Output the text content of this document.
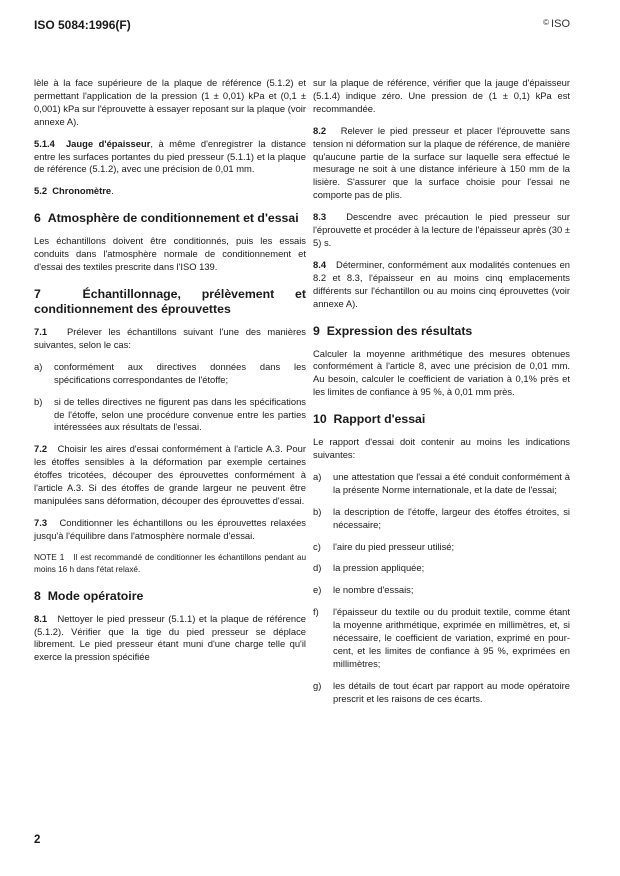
ISO 5084:1996(F)	© ISO

lèle à la face supérieure de la plaque de référence (5.1.2) et permettant l'application de la pression (1 ± 0,01) kPa et (0,1 ± 0,001) kPa sur l'éprouvette à essayer reposant sur la plaque (voir annexe A).

5.1.4 Jauge d'épaisseur, à même d'enregistrer la distance entre les surfaces portantes du pied presseur (5.1.1) et la plaque de référence (5.1.2), avec une précision de 0,01 mm.

5.2 Chronomètre.

6 Atmosphère de conditionnement et d'essai

Les échantillons doivent être conditionnés, puis les essais conduits dans l'atmosphère normale de conditionnement et d'essai des textiles prescrite dans l'ISO 139.

7	Échantillonnage, prélèvement et conditionnement des éprouvettes

7.1 Prélever les échantillons suivant l'une des manières suivantes, selon le cas:

a)	conformément aux directives données dans les spécifications correspondantes de l'étoffe;
b)	si de telles directives ne figurent pas dans les spécifications de l'étoffe, selon une procédure convenue entre les parties intéressées aux résultats de l'essai.

7.2 Choisir les aires d'essai conformément à l'article A.3. Pour les étoffes sensibles à la déformation par exemple certaines étoffes tricotées, découper des éprouvettes conformément à l'article A.3. Si des étoffes de grande largeur ne peuvent être manipulées sans déformation, découper des éprouvettes d'essai.

7.3 Conditionner les échantillons ou les éprouvettes relaxées jusqu'à l'équilibre dans l'atmosphère normale d'essai.

NOTE 1 Il est recommandé de conditionner les échantillons pendant au moins 16 h dans l'état relaxé.

8 Mode opératoire

8.1 Nettoyer le pied presseur (5.1.1) et la plaque de référence (5.1.2). Vérifier que la tige du pied presseur se déplace librement. Le pied presseur étant muni d'une charge telle qu'il exerce la pression spécifiée

sur la plaque de référence, vérifier que la jauge d'épaisseur (5.1.4) indique zéro. Une pression de (1 ± 0,1) kPa est recommandée.

8.2 Relever le pied presseur et placer l'éprouvette sans tension ni déformation sur la plaque de référence, de manière qu'aucune partie de la surface sur laquelle sera effectué le mesurage ne soit à une distance inférieure à 150 mm de la lisière. S'assurer que la surface choisie pour l'essai ne comporte pas de plis.

8.3 Descendre avec précaution le pied presseur sur l'éprouvette et procéder à la lecture de l'épaisseur après (30 ± 5) s.

8.4 Déterminer, conformément aux modalités contenues en 8.2 et 8.3, l'épaisseur en au moins cinq emplacements différents sur l'échantillon ou au moins cinq éprouvettes (voir annexe A).

9 Expression des résultats

Calculer la moyenne arithmétique des mesures obtenues conformément à l'article 8, avec une précision de 0,01 mm. Au besoin, calculer le coefficient de variation à 0,1% près et les limites de confiance à 95 %, à 0,01 mm près.

10 Rapport d'essai

Le rapport d'essai doit contenir au moins les indications suivantes:

a)	une attestation que l'essai a été conduit conformément à la présente Norme internationale, et la date de l'essai;
b)	la description de l'étoffe, largeur des étoffes étroites, si nécessaire;
c)	l'aire du pied presseur utilisé;
d)	la pression appliquée;
e)	le nombre d'essais;
f)	l'épaisseur du textile ou du produit textile, comme étant la moyenne arithmétique, exprimée en millimètres, et, si nécessaire, le coefficient de variation, exprimé en pour-cent, et les limites de confiance à 95 %, exprimées en millimètres;
g)	les détails de tout écart par rapport au mode opératoire prescrit et les raisons de ces écarts.
2
